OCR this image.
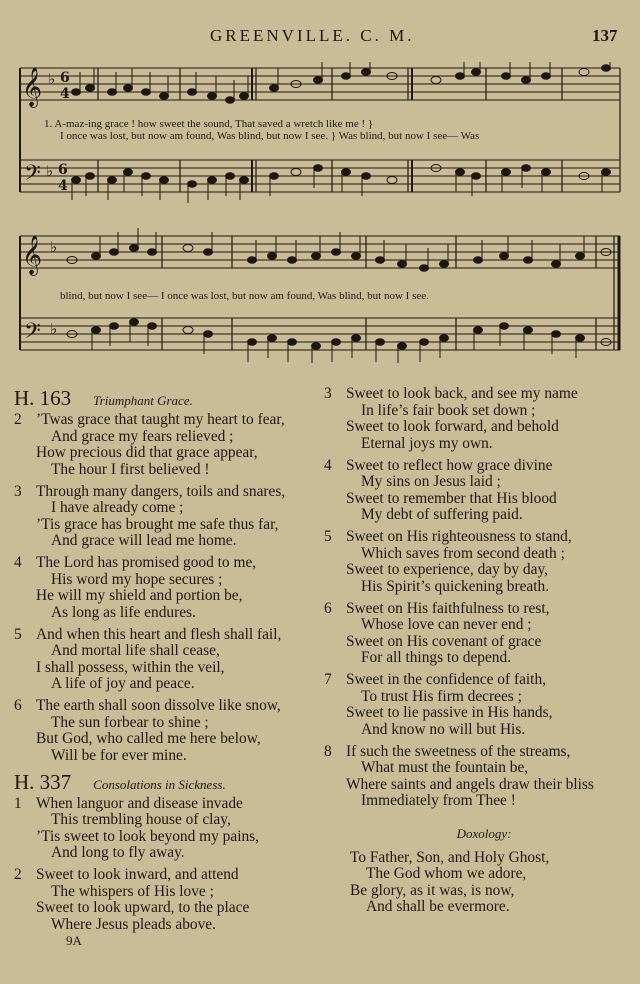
GREENVILLE. C. M.	137
𝄞
𝄢
♭
♭
6
4
6
4
1. A-maz-ing grace ! how sweet the sound, That saved a wretch like me ! }
I once was lost, but now am found, Was blind, but now I see. } Was blind, but now I see— Was
𝄞
𝄢
♭
♭
blind, but now I see— I once was lost, but now am found, Was blind, but now I see.
H. 163 Triumphant Grace.
2 ’Twas grace that taught my heart to fear,
And grace my fears relieved ;
How precious did that grace appear,
The hour I first believed !
3 Through many dangers, toils and snares,
I have already come ;
’Tis grace has brought me safe thus far,
And grace will lead me home.
4 The Lord has promised good to me,
His word my hope secures ;
He will my shield and portion be,
As long as life endures.
5 And when this heart and flesh shall fail,
And mortal life shall cease,
I shall possess, within the veil,
A life of joy and peace.
6 The earth shall soon dissolve like snow,
The sun forbear to shine ;
But God, who called me here below,
Will be for ever mine.
H. 337 Consolations in Sickness.
1 When languor and disease invade
This trembling house of clay,
’Tis sweet to look beyond my pains,
And long to fly away.
2 Sweet to look inward, and attend
The whispers of His love ;
Sweet to look upward, to the place
Where Jesus pleads above.
3 Sweet to look back, and see my name
In life’s fair book set down ;
Sweet to look forward, and behold
Eternal joys my own.
4 Sweet to reflect how grace divine
My sins on Jesus laid ;
Sweet to remember that His blood
My debt of suffering paid.
5 Sweet on His righteousness to stand,
Which saves from second death ;
Sweet to experience, day by day,
His Spirit’s quickening breath.
6 Sweet on His faithfulness to rest,
Whose love can never end ;
Sweet on His covenant of grace
For all things to depend.
7 Sweet in the confidence of faith,
To trust His firm decrees ;
Sweet to lie passive in His hands,
And know no will but His.
8 If such the sweetness of the streams,
What must the fountain be,
Where saints and angels draw their bliss
Immediately from Thee !
Doxology:
To Father, Son, and Holy Ghost,
The God whom we adore,
Be glory, as it was, is now,
And shall be evermore.
9A
